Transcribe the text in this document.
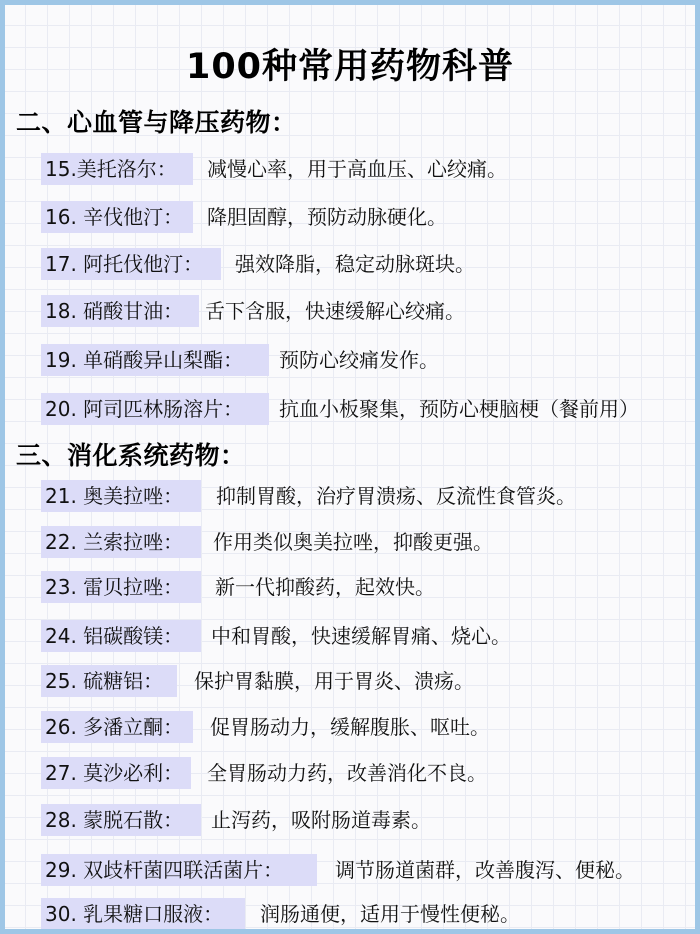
100种常用药物科普
二、心血管与降压药物：
15.美托洛尔：	减慢心率，用于高血压、心绞痛。
16. 辛伐他汀：	降胆固醇，预防动脉硬化。
17. 阿托伐他汀：	强效降脂，稳定动脉斑块。
18. 硝酸甘油：	舌下含服，快速缓解心绞痛。
19. 单硝酸异山梨酯：	预防心绞痛发作。
20. 阿司匹林肠溶片：	抗血小板聚集，预防心梗脑梗（餐前用）
三、消化系统药物：
21. 奥美拉唑：	抑制胃酸，治疗胃溃疡、反流性食管炎。
22. 兰索拉唑：	作用类似奥美拉唑，抑酸更强。
23. 雷贝拉唑：	新一代抑酸药，起效快。
24. 铝碳酸镁：	中和胃酸，快速缓解胃痛、烧心。
25. 硫糖铝：	保护胃黏膜，用于胃炎、溃疡。
26. 多潘立酮：	促胃肠动力，缓解腹胀、呕吐。
27. 莫沙必利：	全胃肠动力药，改善消化不良。
28. 蒙脱石散：	止泻药，吸附肠道毒素。
29. 双歧杆菌四联活菌片：	调节肠道菌群，改善腹泻、便秘。
30. 乳果糖口服液：	润肠通便，适用于慢性便秘。
